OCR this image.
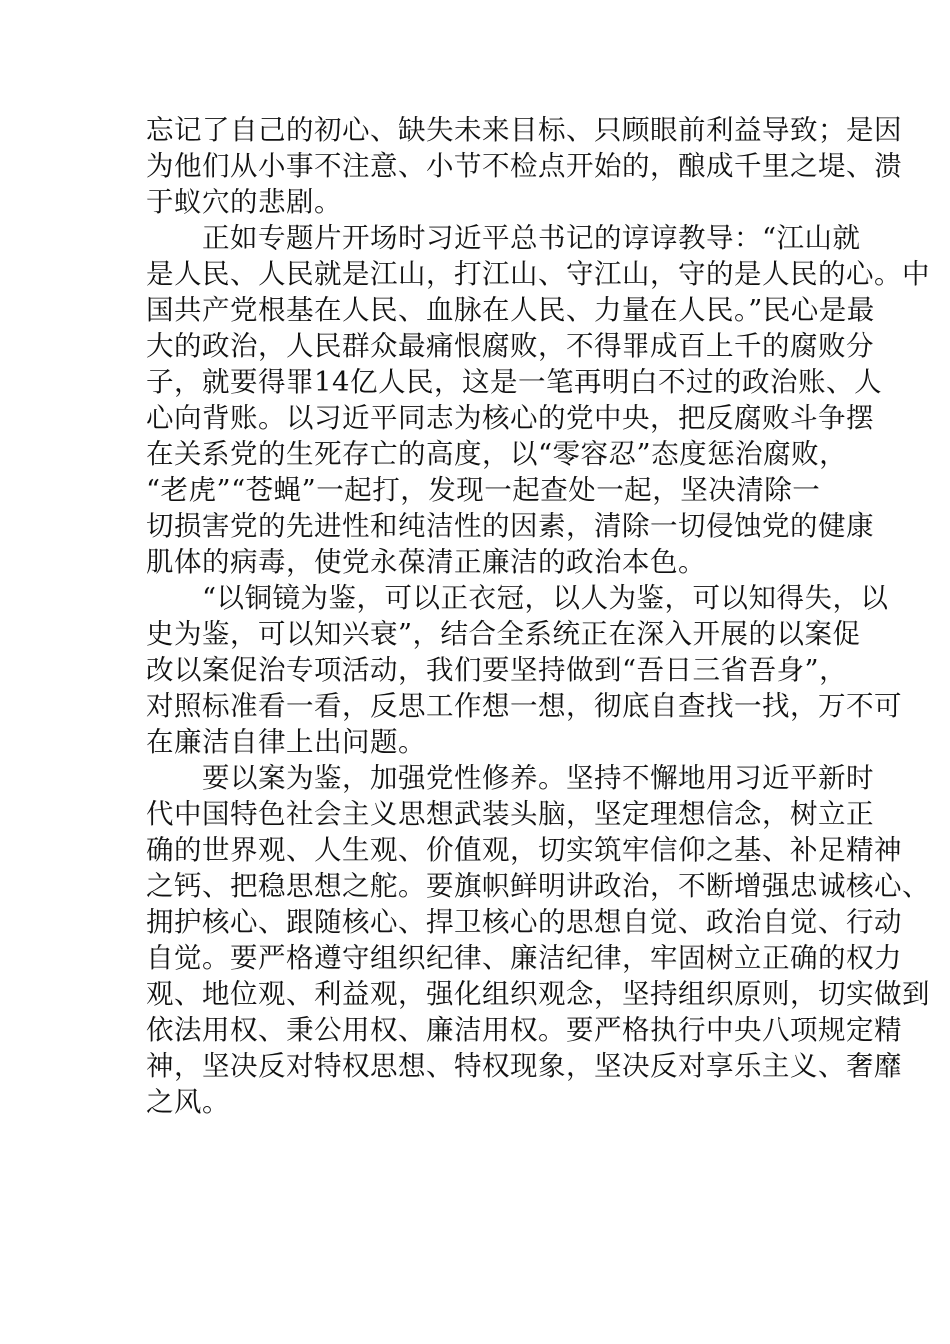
忘记了自己的初心、缺失未来目标、只顾眼前利益导致；是因
为他们从小事不注意、小节不检点开始的，酿成千里之堤、溃
于蚁穴的悲剧。
　　正如专题片开场时习近平总书记的谆谆教导：“江山就
是人民、人民就是江山，打江山、守江山，守的是人民的心。中
国共产党根基在人民、血脉在人民、力量在人民。”民心是最
大的政治，人民群众最痛恨腐败，不得罪成百上千的腐败分
子，就要得罪14亿人民，这是一笔再明白不过的政治账、人
心向背账。以习近平同志为核心的党中央，把反腐败斗争摆
在关系党的生死存亡的高度，以“零容忍”态度惩治腐败，
“老虎”“苍蝇”一起打，发现一起查处一起，坚决清除一
切损害党的先进性和纯洁性的因素，清除一切侵蚀党的健康
肌体的病毒，使党永葆清正廉洁的政治本色。
　　“以铜镜为鉴，可以正衣冠，以人为鉴，可以知得失，以
史为鉴，可以知兴衰”，结合全系统正在深入开展的以案促
改以案促治专项活动，我们要坚持做到“吾日三省吾身”，
对照标准看一看，反思工作想一想，彻底自查找一找，万不可
在廉洁自律上出问题。
　　要以案为鉴，加强党性修养。坚持不懈地用习近平新时
代中国特色社会主义思想武装头脑，坚定理想信念，树立正
确的世界观、人生观、价值观，切实筑牢信仰之基、补足精神
之钙、把稳思想之舵。要旗帜鲜明讲政治，不断增强忠诚核心、
拥护核心、跟随核心、捍卫核心的思想自觉、政治自觉、行动
自觉。要严格遵守组织纪律、廉洁纪律，牢固树立正确的权力
观、地位观、利益观，强化组织观念，坚持组织原则，切实做到
依法用权、秉公用权、廉洁用权。要严格执行中央八项规定精
神，坚决反对特权思想、特权现象，坚决反对享乐主义、奢靡
之风。
